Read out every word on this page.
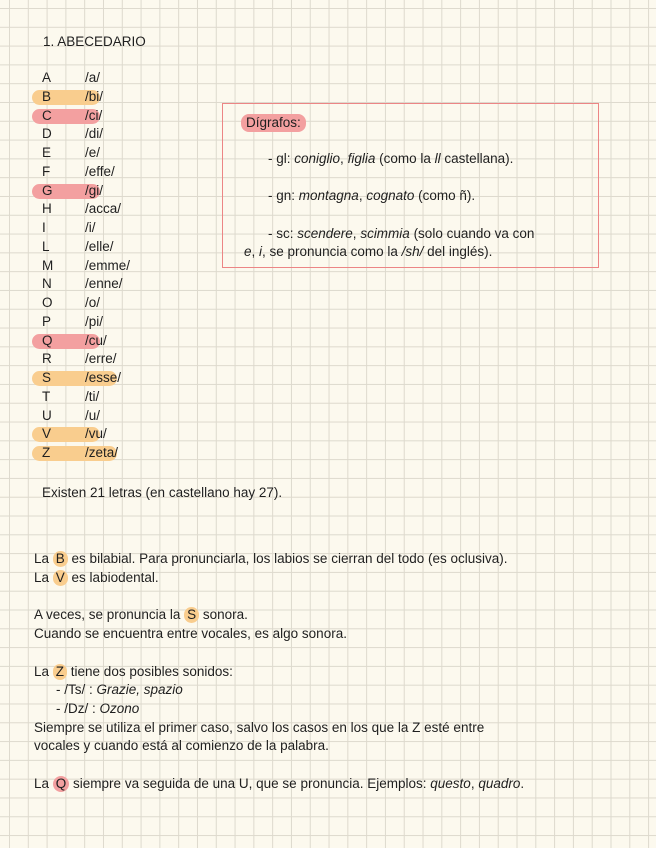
1. ABECEDARIO
A	/a/
B	/bi/
C /ci/
D /di/
E	/e/
F	/effe/
G /gi/
H /acca/
I	/i/
L	/elle/
M /emme/
N /enne/
O /o/
P	/pi/
Q /cu/
R /erre/
S	/esse/
T	/ti/
U /u/
V	/vu/
Z	/zeta/
Dígrafos:
- gl: coniglio, figlia (como la ll castellana).
- gn: montagna, cognato (como ñ).
- sc: scendere, scimmia (solo cuando va con
e, i, se pronuncia como la /sh/ del inglés).
Existen 21 letras (en castellano hay 27).
La B es bilabial. Para pronunciarla, los labios se cierran del todo (es oclusiva).
La V es labiodental.
A veces, se pronuncia la S sonora.
Cuando se encuentra entre vocales, es algo sonora.
La Z tiene dos posibles sonidos:
- /Ts/ : Grazie, spazio
- /Dz/ : Ozono
Siempre se utiliza el primer caso, salvo los casos en los que la Z esté entre
vocales y cuando está al comienzo de la palabra.
La Q siempre va seguida de una U, que se pronuncia. Ejemplos: questo, quadro.
